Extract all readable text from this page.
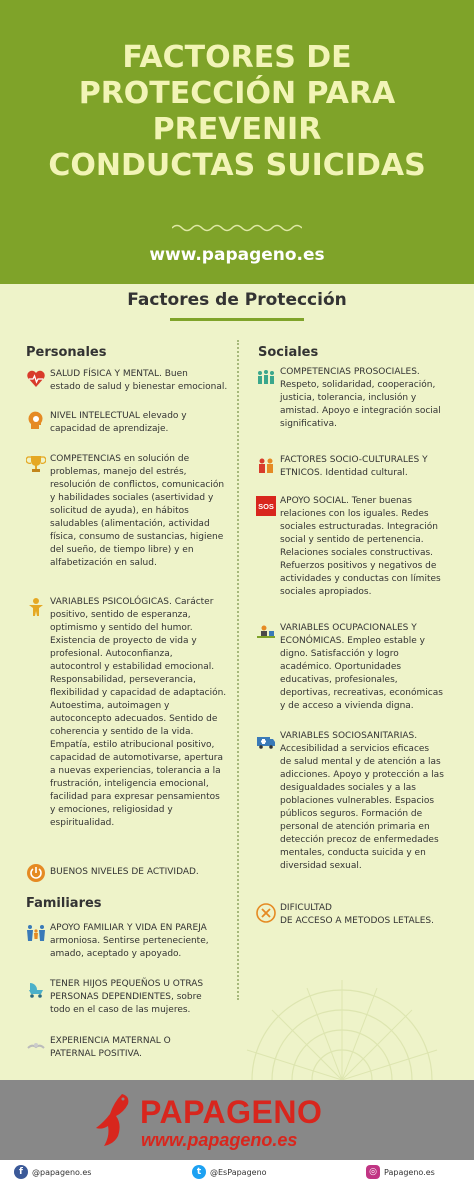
FACTORES DE
PROTECCIÓN PARA
PREVENIR
CONDUCTAS SUICIDAS
www.papageno.es
Factores de Protección
Personales

SALUD FÍSICA Y MENTAL. Buen
estado de salud y bienestar emocional.

NIVEL INTELECTUAL elevado y
capacidad de aprendizaje.

COMPETENCIAS en solución de
problemas, manejo del estrés,
resolución de conflictos, comunicación
y habilidades sociales (asertividad y
solicitud de ayuda), en hábitos
saludables (alimentación, actividad
física, consumo de sustancias, higiene
del sueño, de tiempo libre) y en
alfabetización en salud.

VARIABLES PSICOLÓGICAS. Carácter
positivo, sentido de esperanza,
optimismo y sentido del humor.
Existencia de proyecto de vida y
profesional. Autoconfianza,
autocontrol y estabilidad emocional.
Responsabilidad, perseverancia,
flexibilidad y capacidad de adaptación.
Autoestima, autoimagen y
autoconcepto adecuados. Sentido de
coherencia y sentido de la vida.
Empatía, estilo atribucional positivo,
capacidad de automotivarse, apertura
a nuevas experiencias, tolerancia a la
frustración, inteligencia emocional,
facilidad para expresar pensamientos
y emociones, religiosidad y
espiritualidad.

BUENOS NIVELES DE ACTIVIDAD.

Familiares

APOYO FAMILIAR Y VIDA EN PAREJA
armoniosa. Sentirse perteneciente,
amado, aceptado y apoyado.

TENER HIJOS PEQUEÑOS U OTRAS
PERSONAS DEPENDIENTES, sobre
todo en el caso de las mujeres.

EXPERIENCIA MATERNAL O
PATERNAL POSITIVA.

Sociales

COMPETENCIAS PROSOCIALES.
Respeto, solidaridad, cooperación,
justicia, tolerancia, inclusión y
amistad. Apoyo e integración social
significativa.

FACTORES SOCIO-CULTURALES Y
ETNICOS. Identidad cultural.

SOS APOYO SOCIAL. Tener buenas
relaciones con los iguales. Redes
sociales estructuradas. Integración
social y sentido de pertenencia.
Relaciones sociales constructivas.
Refuerzos positivos y negativos de
actividades y conductas con límites
sociales apropiados.

VARIABLES OCUPACIONALES Y
ECONÓMICAS. Empleo estable y
digno. Satisfacción y logro
académico. Oportunidades
educativas, profesionales,
deportivas, recreativas, económicas
y de acceso a vivienda digna.

VARIABLES SOCIOSANITARIAS.
Accesibilidad a servicios eficaces
de salud mental y de atención a las
adicciones. Apoyo y protección a las
desigualdades sociales y a las
poblaciones vulnerables. Espacios
públicos seguros. Formación de
personal de atención primaria en
detección precoz de enfermedades
mentales, conducta suicida y en
diversidad sexual.

DIFICULTAD
DE ACCESO A METODOS LETALES.

PAPAGENO
www.papageno.es
f	@papageno.es	t	@EsPapageno	◎ Papageno.es
